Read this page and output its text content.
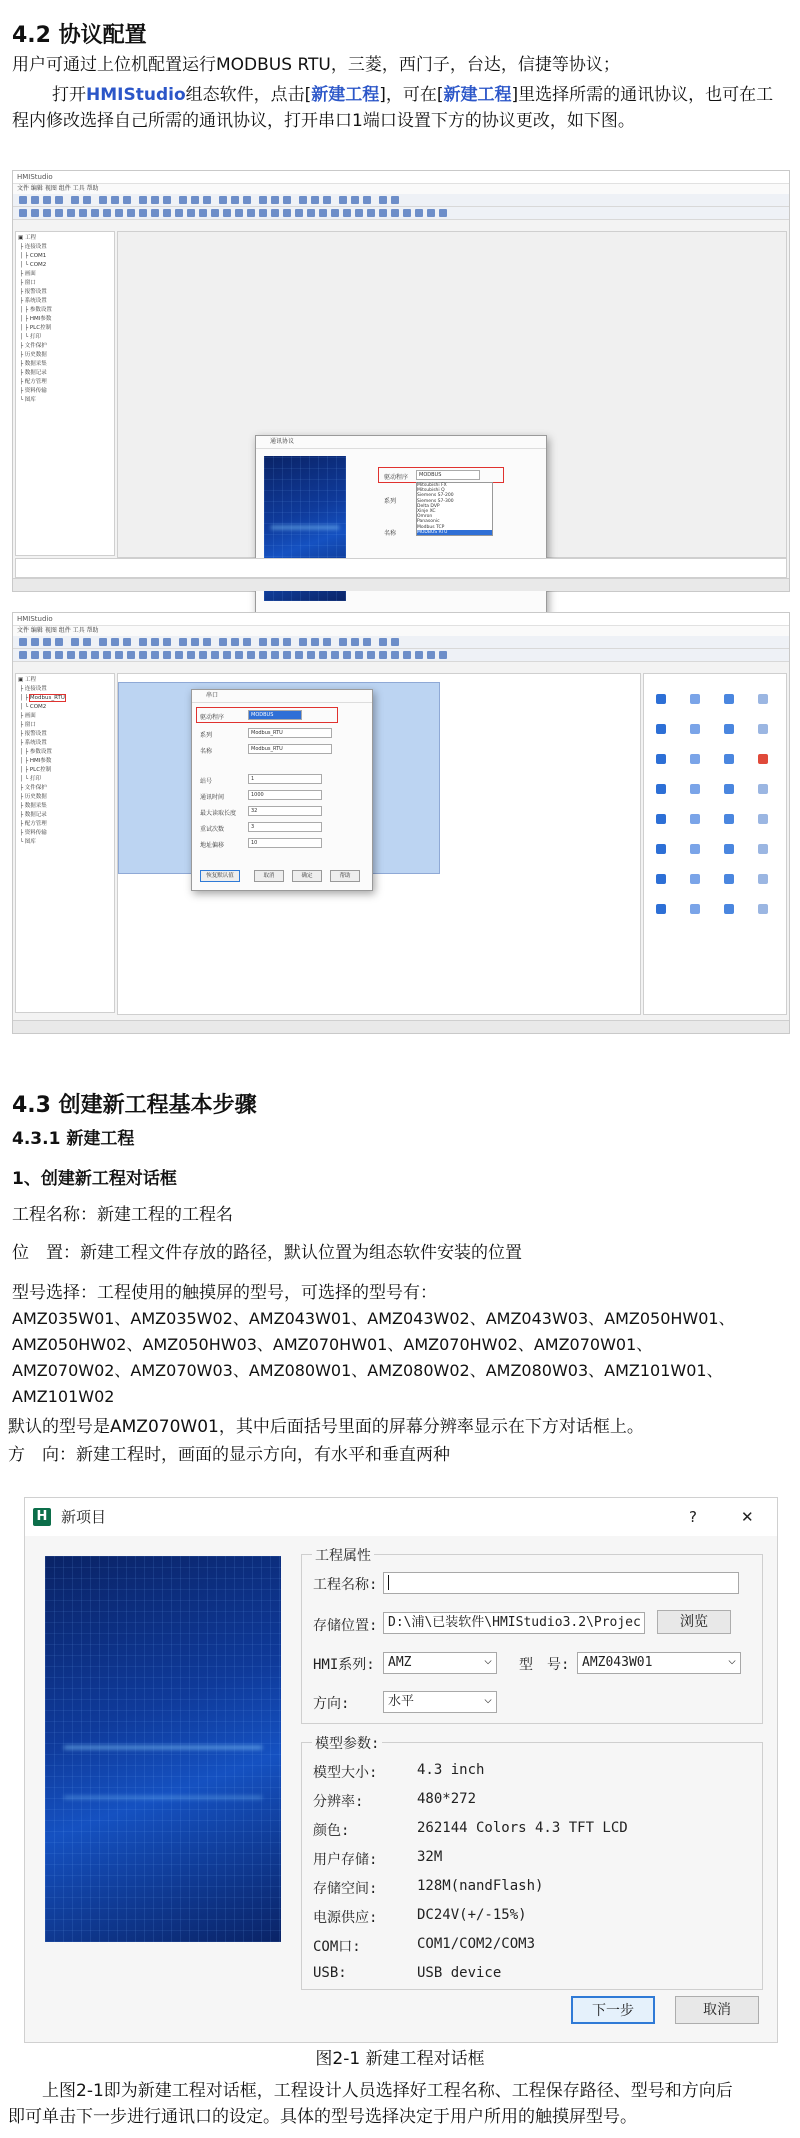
4.2 协议配置

用户可通过上位机配置运行MODBUS RTU，三菱，西门子，台达，信捷等协议；

打开HMIStudio组态软件，点击[新建工程]，可在[新建工程]里选择所需的通讯协议，也可在工
程内修改选择自己所需的通讯协议，打开串口1端口设置下方的协议更改，如下图。

HMIStudio
文件 编辑 视图 组件 工具 帮助
▣ 工程
├ 连接设置
│ ├ COM1
│ └ COM2
├ 画面
├ 窗口
├ 报警设置
├ 系统设置
│ ├ 参数设置
│ ├ HMI参数
│ ├ PLC控制
│ └ 打印
├ 文件保护
├ 历史数据
├ 数据采集
├ 数据记录
├ 配方管理
├ 资料传输
└ 图库

通讯协议
驱动程序	MODBUS
系列
名称
Mitsubishi FX
Mitsubishi Q
Siemens S7-200
Siemens S7-300
Delta DVP
Xinje XC
Omron
Panasonic
Modbus TCP
MODBUS RTU
HMIStudio
文件 编辑 视图 组件 工具 帮助
▣ 工程
├ 连接设置
│ ├ Modbus_RTU
│ └ COM2
├ 画面
├ 窗口
├ 报警设置
├ 系统设置
│ ├ 参数设置
│ ├ HMI参数
│ ├ PLC控制
│ └ 打印
├ 文件保护
├ 历史数据
├ 数据采集
├ 数据记录
├ 配方管理
├ 资料传输
└ 图库

串口
驱动程序	MODBUS
系列	Modbus_RTU
名称	Modbus_RTU
站号	1
通讯时间	1000
最大读取长度	32
重试次数	3
地址偏移	10
恢复默认值	取消	确定	帮助
4.3 创建新工程基本步骤
4.3.1 新建工程
1、创建新工程对话框

工程名称：新建工程的工程名

位　置：新建工程文件存放的路径，默认位置为组态软件安装的位置

型号选择：工程使用的触摸屏的型号，可选择的型号有：

AMZ035W01、AMZ035W02、AMZ043W01、AMZ043W02、AMZ043W03、AMZ050HW01、

AMZ050HW02、AMZ050HW03、AMZ070HW01、AMZ070HW02、AMZ070W01、

AMZ070W02、AMZ070W03、AMZ080W01、AMZ080W02、AMZ080W03、AMZ101W01、

AMZ101W02

默认的型号是AMZ070W01，其中后面括号里面的屏幕分辨率显示在下方对话框上。

方　向：新建工程时，画面的显示方向，有水平和垂直两种

H 新项目	?	✕
工程属性
工程名称:

存储位置: D:\浦\已装软件\HMIStudio3.2\Projec	浏览
HMI系列:	AMZ ⌵	型　号: AMZ043W01 ⌵
方向:	水平 ⌵
模型参数:
模型大小:	4.3 inch
分辨率:	480*272
颜色:	262144 Colors 4.3 TFT LCD
用户存储:	32M
存储空间:	128M(nandFlash)
电源供应:	DC24V(+/-15%)
COM口:	COM1/COM2/COM3
USB:	USB device
下一步	取消

图2-1 新建工程对话框

上图2-1即为新建工程对话框，工程设计人员选择好工程名称、工程保存路径、型号和方向后

即可单击下一步进行通讯口的设定。具体的型号选择决定于用户所用的触摸屏型号。
